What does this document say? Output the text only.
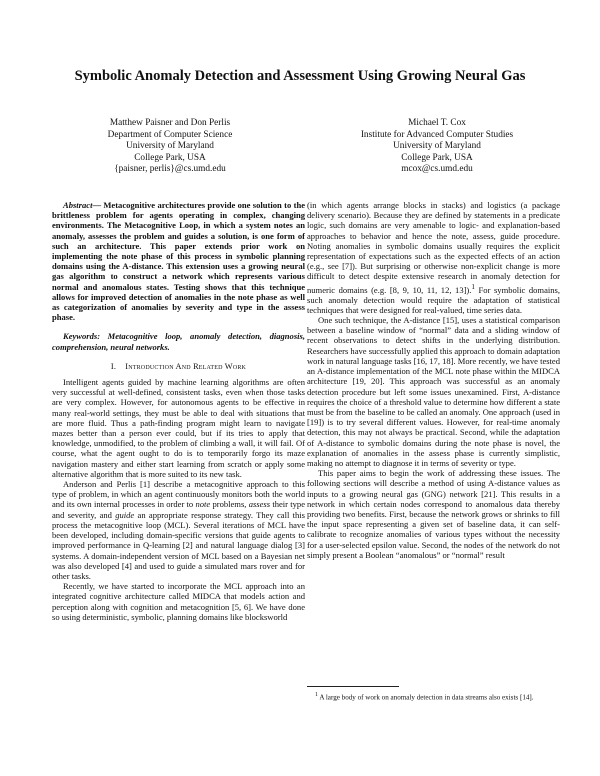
Symbolic Anomaly Detection and Assessment Using Growing Neural Gas
Matthew Paisner and Don Perlis
Department of Computer Science
University of Maryland
College Park, USA
{paisner, perlis}@cs.umd.edu
Michael T. Cox
Institute for Advanced Computer Studies
University of Maryland
College Park, USA
mcox@cs.umd.edu

Abstract— Metacognitive architectures provide one solution to the brittleness problem for agents operating in complex, changing environments. The Metacognitive Loop, in which a system notes an anomaly, assesses the problem and guides a solution, is one form of such an architecture. This paper extends prior work on implementing the note phase of this process in symbolic planning domains using the A-distance. This extension uses a growing neural gas algorithm to construct a network which represents various normal and anomalous states. Testing shows that this technique allows for improved detection of anomalies in the note phase as well as categorization of anomalies by severity and type in the assess phase.

Keywords: Metacognitive loop, anomaly detection, diagnosis, comprehension, neural networks.

I. Introduction And Related Work

Intelligent agents guided by machine learning algorithms are often very successful at well-defined, consistent tasks, even when those tasks are very complex. However, for autonomous agents to be effective in many real-world settings, they must be able to deal with situations that are more fluid. Thus a path-finding program might learn to navigate mazes better than a person ever could, but if its tries to apply that knowledge, unmodified, to the problem of climbing a wall, it will fail. Of course, what the agent ought to do is to temporarily forgo its maze navigation mastery and either start learning from scratch or apply some alternative algorithm that is more suited to its new task.

Anderson and Perlis [1] describe a metacognitive approach to this type of problem, in which an agent continuously monitors both the world and its own internal processes in order to note problems, assess their type and severity, and guide an appropriate response strategy. They call this process the metacognitive loop (MCL). Several iterations of MCL have been developed, including domain-specific versions that guide agents to improved performance in Q-learning [2] and natural language dialog [3] systems. A domain-independent version of MCL based on a Bayesian net was also developed [4] and used to guide a simulated mars rover and for other tasks.

Recently, we have started to incorporate the MCL approach into an integrated cognitive architecture called MIDCA that models action and perception along with cognition and metacognition [5, 6]. We have done so using deterministic, symbolic, planning domains like blocksworld

(in which agents arrange blocks in stacks) and logistics (a package delivery scenario). Because they are defined by statements in a predicate logic, such domains are very amenable to logic- and explanation-based approaches to behavior and hence the note, assess, guide procedure. Noting anomalies in symbolic domains usually requires the explicit representation of expectations such as the expected effects of an action (e.g., see [7]). But surprising or otherwise non-explicit change is more difficult to detect despite extensive research in anomaly detection for numeric domains (e.g. [8, 9, 10, 11, 12, 13]).$^1$ For symbolic domains, such anomaly detection would require the adaptation of statistical techniques that were designed for real-valued, time series data.

One such technique, the A-distance [15], uses a statistical comparison between a baseline window of “normal” data and a sliding window of recent observations to detect shifts in the underlying distribution. Researchers have successfully applied this approach to domain adaptation work in natural language tasks [16, 17, 18]. More recently, we have tested an A-distance implementation of the MCL note phase within the MIDCA architecture [19, 20]. This approach was successful as an anomaly detection procedure but left some issues unexamined. First, A-distance requires the choice of a threshold value to determine how different a state must be from the baseline to be called an anomaly. One approach (used in [19]) is to try several different values. However, for real-time anomaly detection, this may not always be practical. Second, while the adaptation of A-distance to symbolic domains during the note phase is novel, the explanation of anomalies in the assess phase is currently simplistic, making no attempt to diagnose it in terms of severity or type.

This paper aims to begin the work of addressing these issues. The following sections will describe a method of using A-distance values as inputs to a growing neural gas (GNG) network [21]. This results in a network in which certain nodes correspond to anomalous data thereby providing two benefits. First, because the network grows or shrinks to fill the input space representing a given set of baseline data, it can self-calibrate to recognize anomalies of various types without the necessity for a user-selected epsilon value. Second, the nodes of the network do not simply present a Boolean “anomalous” or “normal” result

$^1$ A large body of work on anomaly detection in data streams also exists [14].
